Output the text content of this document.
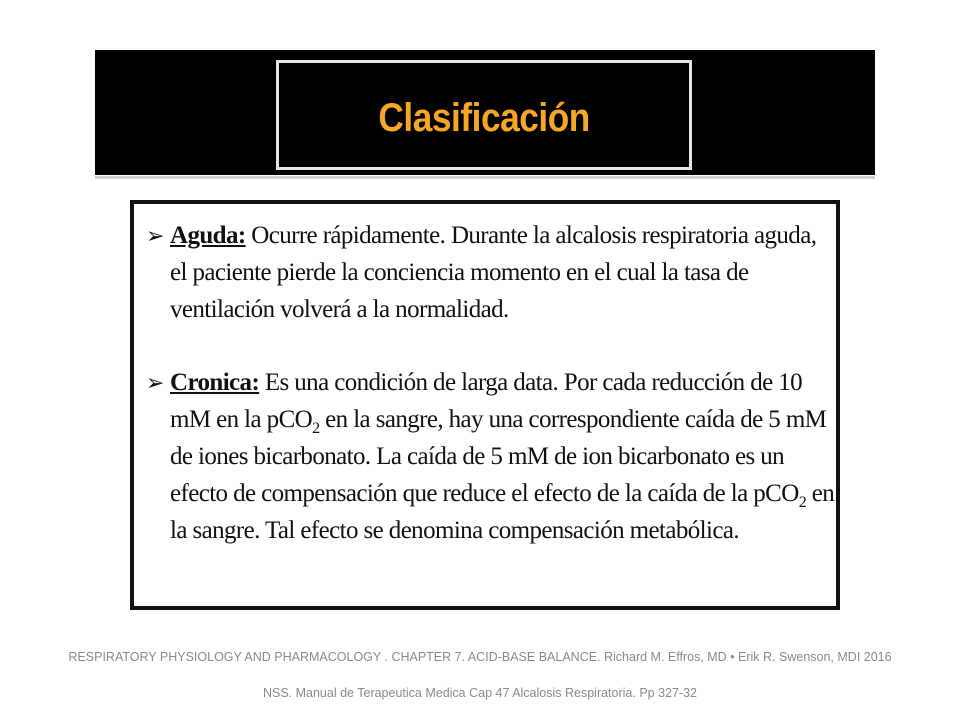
Clasificación
➢ Aguda: Ocurre rápidamente. Durante la alcalosis respiratoria aguda, el paciente pierde la conciencia momento en el cual la tasa de ventilación volverá a la normalidad.
➢ Cronica: Es una condición de larga data. Por cada reducción de 10 mM en la pCO$_2$ en la sangre, hay una correspondiente caída de 5 mM de iones bicarbonato. La caída de 5 mM de ion bicarbonato es un efecto de compensación que reduce el efecto de la caída de la pCO$_2$ en la sangre. Tal efecto se denomina compensación metabólica.
RESPIRATORY PHYSIOLOGY AND PHARMACOLOGY . CHAPTER 7. ACID-BASE BALANCE. Richard M. Effros, MD • Erik R. Swenson, MDI 2016
NSS. Manual de Terapeutica Medica Cap 47 Alcalosis Respiratoria. Pp 327-32
